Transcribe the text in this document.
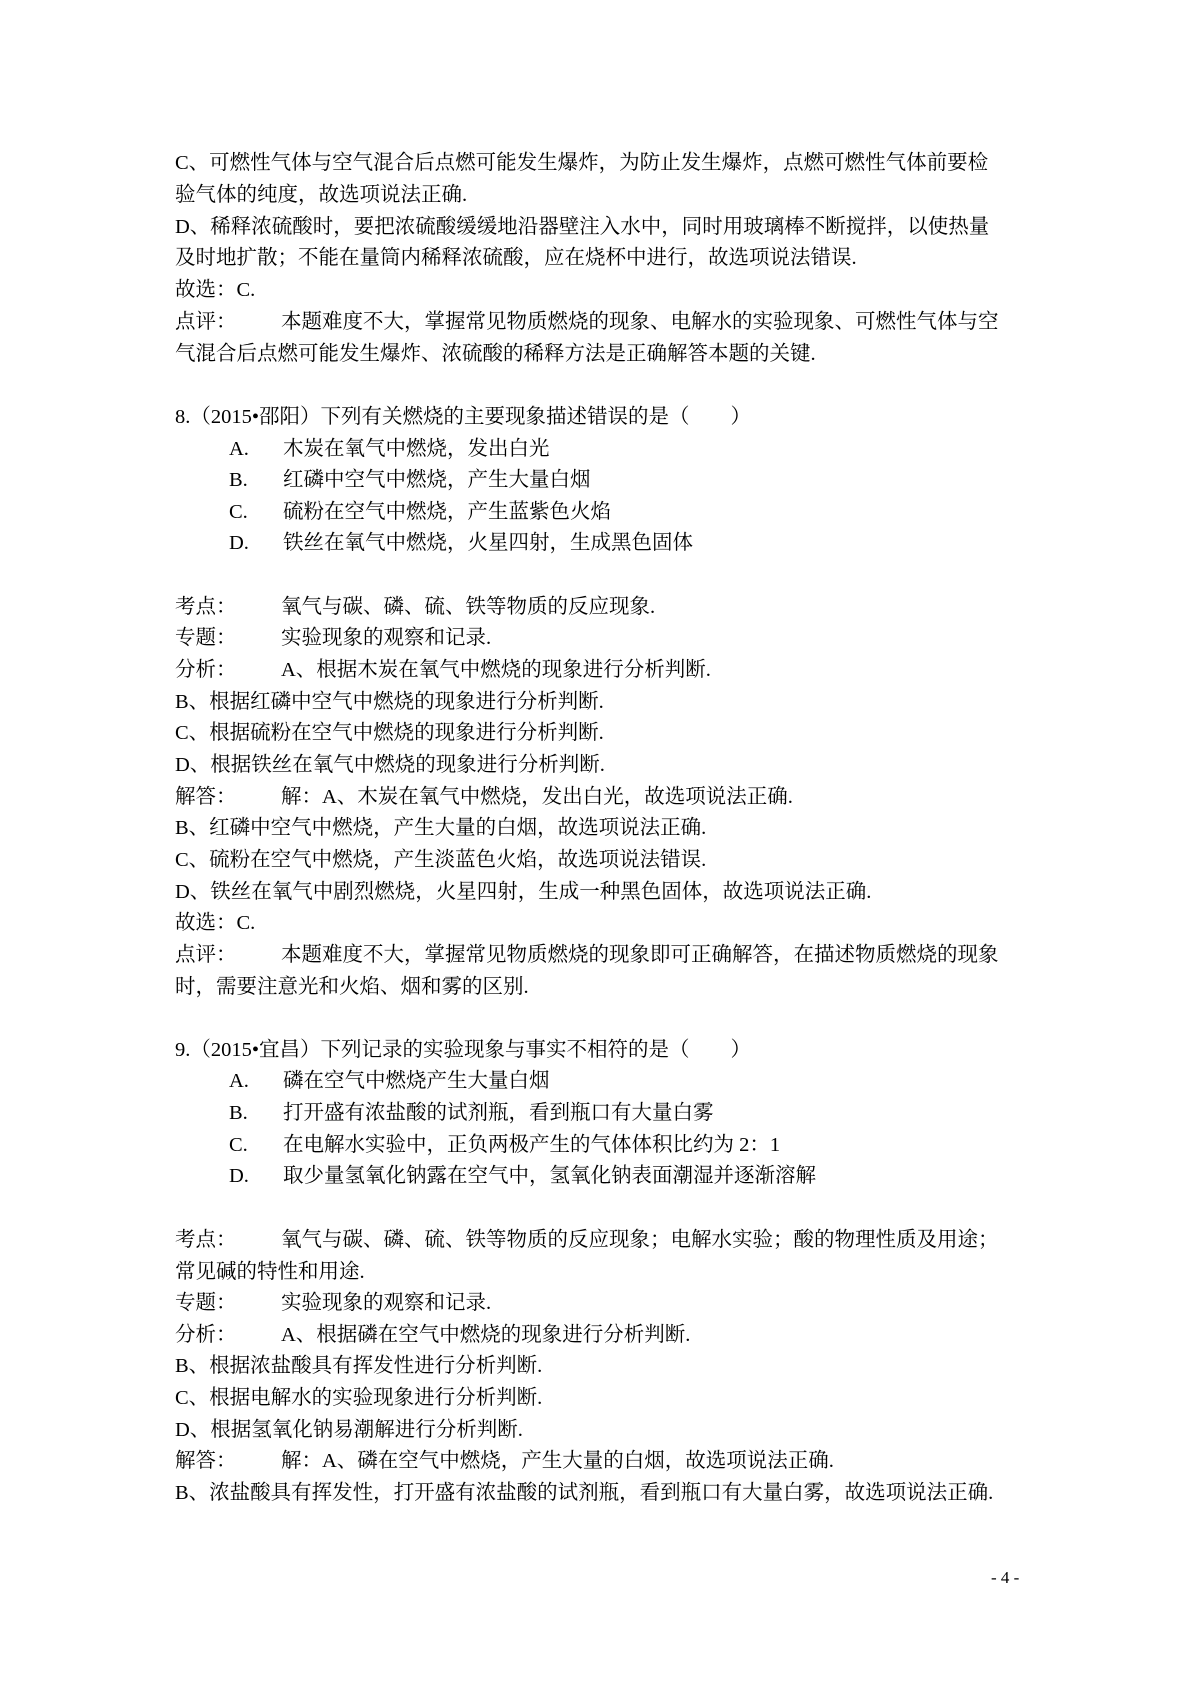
C、可燃性气体与空气混合后点燃可能发生爆炸，为防止发生爆炸，点燃可燃性气体前要检
验气体的纯度，故选项说法正确.
D、稀释浓硫酸时，要把浓硫酸缓缓地沿器壁注入水中，同时用玻璃棒不断搅拌，以使热量
及时地扩散；不能在量筒内稀释浓硫酸，应在烧杯中进行，故选项说法错误.
故选：C.
点评： 本题难度不大，掌握常见物质燃烧的现象、电解水的实验现象、可燃性气体与空
气混合后点燃可能发生爆炸、浓硫酸的稀释方法是正确解答本题的关键.
8.（2015•邵阳）下列有关燃烧的主要现象描述错误的是（　　）
A. 木炭在氧气中燃烧，发出白光
B. 红磷中空气中燃烧，产生大量白烟
C. 硫粉在空气中燃烧，产生蓝紫色火焰
D. 铁丝在氧气中燃烧，火星四射，生成黑色固体
考点： 氧气与碳、磷、硫、铁等物质的反应现象.
专题： 实验现象的观察和记录.
分析： A、根据木炭在氧气中燃烧的现象进行分析判断.
B、根据红磷中空气中燃烧的现象进行分析判断.
C、根据硫粉在空气中燃烧的现象进行分析判断.
D、根据铁丝在氧气中燃烧的现象进行分析判断.
解答： 解：A、木炭在氧气中燃烧，发出白光，故选项说法正确.
B、红磷中空气中燃烧，产生大量的白烟，故选项说法正确.
C、硫粉在空气中燃烧，产生淡蓝色火焰，故选项说法错误.
D、铁丝在氧气中剧烈燃烧，火星四射，生成一种黑色固体，故选项说法正确.
故选：C.
点评： 本题难度不大，掌握常见物质燃烧的现象即可正确解答，在描述物质燃烧的现象
时，需要注意光和火焰、烟和雾的区别.
9.（2015•宜昌）下列记录的实验现象与事实不相符的是（　　）
A. 磷在空气中燃烧产生大量白烟
B. 打开盛有浓盐酸的试剂瓶，看到瓶口有大量白雾
C. 在电解水实验中，正负两极产生的气体体积比约为 2：1
D. 取少量氢氧化钠露在空气中，氢氧化钠表面潮湿并逐渐溶解
考点： 氧气与碳、磷、硫、铁等物质的反应现象；电解水实验；酸的物理性质及用途；
常见碱的特性和用途.
专题： 实验现象的观察和记录.
分析： A、根据磷在空气中燃烧的现象进行分析判断.
B、根据浓盐酸具有挥发性进行分析判断.
C、根据电解水的实验现象进行分析判断.
D、根据氢氧化钠易潮解进行分析判断.
解答： 解：A、磷在空气中燃烧，产生大量的白烟，故选项说法正确.
B、浓盐酸具有挥发性，打开盛有浓盐酸的试剂瓶，看到瓶口有大量白雾，故选项说法正确.
- 4 -
